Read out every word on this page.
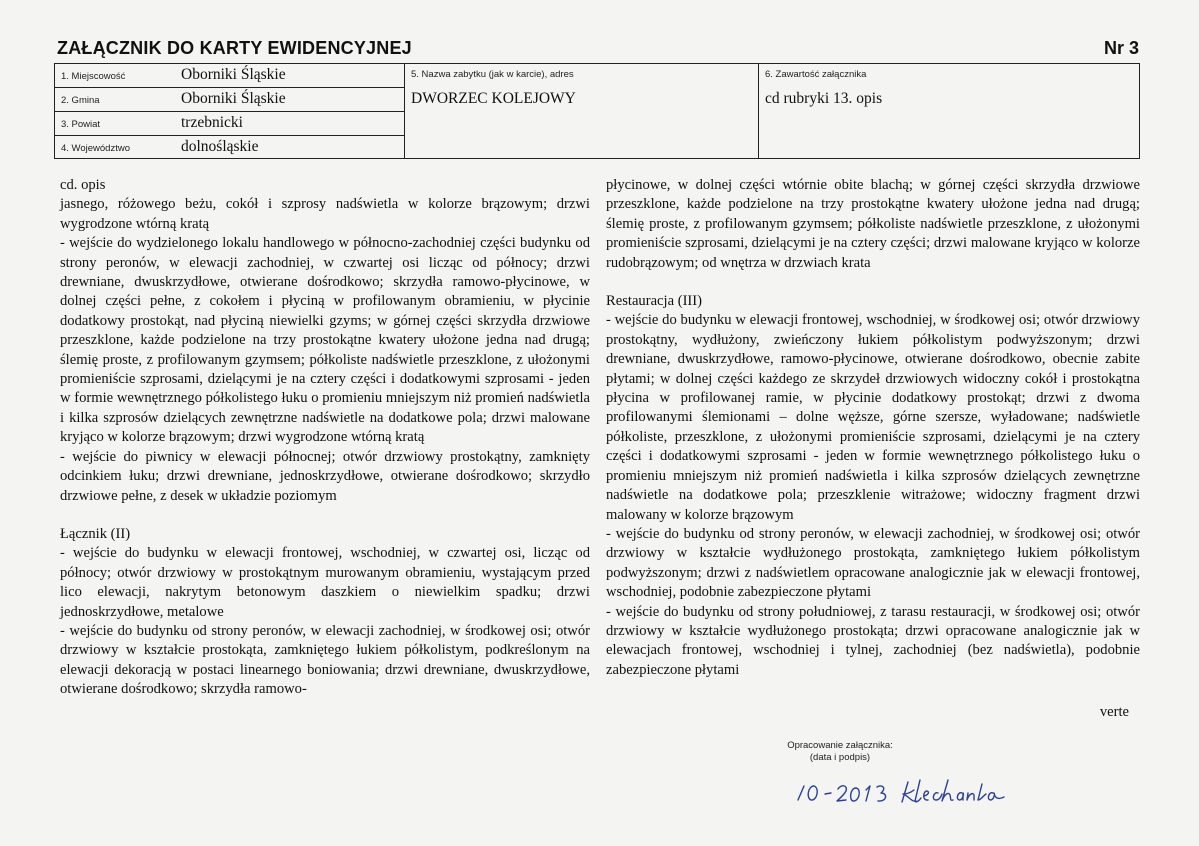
ZAŁĄCZNIK DO KARTY EWIDENCYJNEJ	Nr 3
1. Miejscowość	Oborniki Śląskie
2. Gmina	Oborniki Śląskie
3. Powiat	trzebnicki
4. Województwo	dolnośląskie
5. Nazwa zabytku (jak w karcie), adres
DWORZEC KOLEJOWY
6. Zawartość załącznika
cd rubryki 13. opis
cd. opis
jasnego, różowego beżu, cokół i szprosy nadświetla w kolorze brązowym; drzwi wygrodzone wtórną kratą
- wejście do wydzielonego lokalu handlowego w północno-zachodniej części budynku od strony peronów, w elewacji zachodniej, w czwartej osi licząc od północy; drzwi drewniane, dwuskrzydłowe, otwierane dośrodkowo; skrzydła ramowo-płycinowe, w dolnej części pełne, z cokołem i płyciną w profilowanym obramieniu, w płycinie dodatkowy prostokąt, nad płyciną niewielki gzyms; w górnej części skrzydła drzwiowe przeszklone, każde podzielone na trzy prostokątne kwatery ułożone jedna nad drugą; ślemię proste, z profilowanym gzymsem; półkoliste nadświetle przeszklone, z ułożonymi promieniście szprosami, dzielącymi je na cztery części i dodatkowymi szprosami - jeden w formie wewnętrznego półkolistego łuku o promieniu mniejszym niż promień nadświetla i kilka szprosów dzielących zewnętrzne nadświetle na dodatkowe pola; drzwi malowane kryjąco w kolorze brązowym; drzwi wygrodzone wtórną kratą
- wejście do piwnicy w elewacji północnej; otwór drzwiowy prostokątny, zamknięty odcinkiem łuku; drzwi drewniane, jednoskrzydłowe, otwierane dośrodkowo; skrzydło drzwiowe pełne, z desek w układzie poziomym
Łącznik (II)
- wejście do budynku w elewacji frontowej, wschodniej, w czwartej osi, licząc od północy; otwór drzwiowy w prostokątnym murowanym obramieniu, wystającym przed lico elewacji, nakrytym betonowym daszkiem o niewielkim spadku; drzwi jednoskrzydłowe, metalowe
- wejście do budynku od strony peronów, w elewacji zachodniej, w środkowej osi; otwór drzwiowy w kształcie prostokąta, zamkniętego łukiem półkolistym, podkreślonym na elewacji dekoracją w postaci linearnego boniowania; drzwi drewniane, dwuskrzydłowe, otwierane dośrodkowo; skrzydła ramowo-
płycinowe, w dolnej części wtórnie obite blachą; w górnej części skrzydła drzwiowe przeszklone, każde podzielone na trzy prostokątne kwatery ułożone jedna nad drugą; ślemię proste, z profilowanym gzymsem; półkoliste nadświetle przeszklone, z ułożonymi promieniście szprosami, dzielącymi je na cztery części; drzwi malowane kryjąco w kolorze rudobrązowym; od wnętrza w drzwiach krata
Restauracja (III)
- wejście do budynku w elewacji frontowej, wschodniej, w środkowej osi; otwór drzwiowy prostokątny, wydłużony, zwieńczony łukiem półkolistym podwyższonym; drzwi drewniane, dwuskrzydłowe, ramowo-płycinowe, otwierane dośrodkowo, obecnie zabite płytami; w dolnej części każdego ze skrzydeł drzwiowych widoczny cokół i prostokątna płycina w profilowanej ramie, w płycinie dodatkowy prostokąt; drzwi z dwoma profilowanymi ślemionami – dolne węższe, górne szersze, wyładowane; nadświetle półkoliste, przeszklone, z ułożonymi promieniście szprosami, dzielącymi je na cztery części i dodatkowymi szprosami - jeden w formie wewnętrznego półkolistego łuku o promieniu mniejszym niż promień nadświetla i kilka szprosów dzielących zewnętrzne nadświetle na dodatkowe pola; przeszklenie witrażowe; widoczny fragment drzwi malowany w kolorze brązowym
- wejście do budynku od strony peronów, w elewacji zachodniej, w środkowej osi; otwór drzwiowy w kształcie wydłużonego prostokąta, zamkniętego łukiem półkolistym podwyższonym; drzwi z nadświetlem opracowane analogicznie jak w elewacji frontowej, wschodniej, podobnie zabezpieczone płytami
- wejście do budynku od strony południowej, z tarasu restauracji, w środkowej osi; otwór drzwiowy w kształcie wydłużonego prostokąta; drzwi opracowane analogicznie jak w elewacjach frontowej, wschodniej i tylnej, zachodniej (bez nadświetla), podobnie zabezpieczone płytami
verte
Opracowanie załącznika:
(data i podpis)
